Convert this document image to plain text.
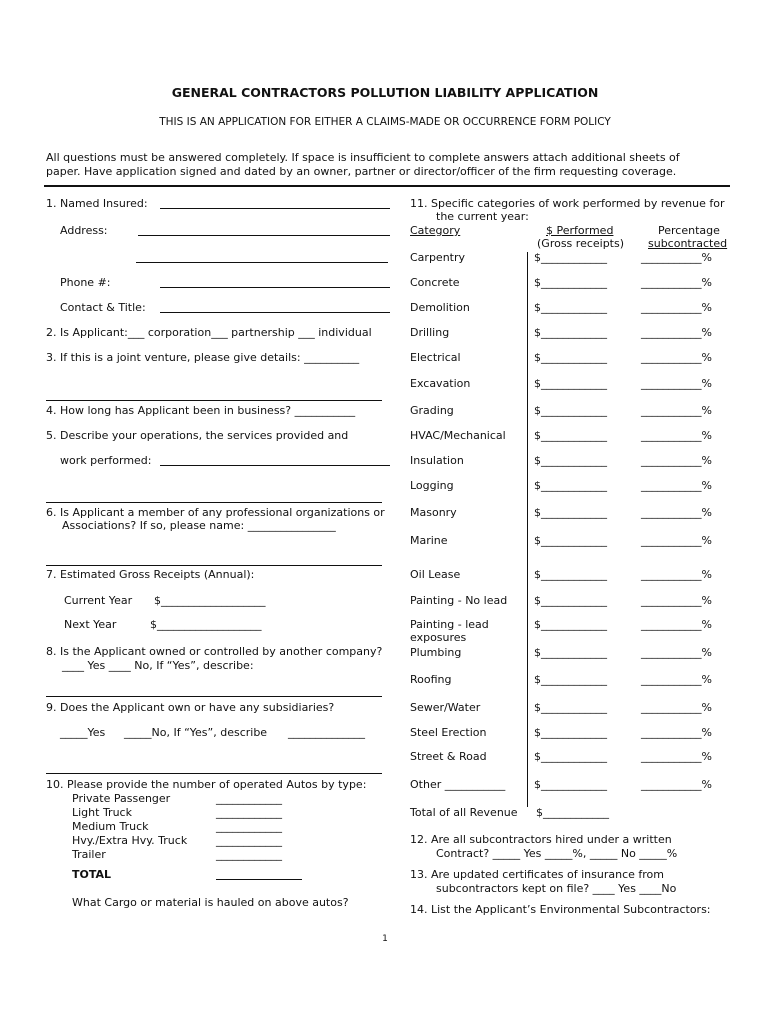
GENERAL CONTRACTORS POLLUTION LIABILITY APPLICATION
THIS IS AN APPLICATION FOR EITHER A CLAIMS-MADE OR OCCURRENCE FORM POLICY
All questions must be answered completely. If space is insufficient to complete answers attach additional sheets of
paper. Have application signed and dated by an owner, partner or director/officer of the firm requesting coverage.
1. Named Insured:
Address:
Phone #:
Contact & Title:
2. Is Applicant:___ corporation___ partnership ___ individual
3. If this is a joint venture, please give details: __________
4. How long has Applicant been in business? ___________
5. Describe your operations, the services provided and
work performed:
6. Is Applicant a member of any professional organizations or
Associations? If so, please name: ________________
7. Estimated Gross Receipts (Annual):
Current Year $___________________
Next Year	$___________________
8. Is the Applicant owned or controlled by another company?
____ Yes ____ No, If “Yes”, describe:
9. Does the Applicant own or have any subsidiaries?
_____Yes _____No, If “Yes”, describe ______________
10. Please provide the number of operated Autos by type:
Private Passenger	____________
Light Truck	____________
Medium Truck	____________
Hvy./Extra Hvy. Truck	____________
Trailer	____________
TOTAL
What Cargo or material is hauled on above autos?
11. Specific categories of work performed by revenue for
the current year:
Category	$ Performed
(Gross receipts)
Percentage
subcontracted
Carpentry	$____________	___________%
Concrete	$____________	___________%
Demolition	$____________	___________%
Drilling	$____________	___________%
Electrical	$____________	___________%
Excavation	$____________	___________%
Grading	$____________	___________%
HVAC/Mechanical	$____________	___________%
Insulation	$____________	___________%
Logging	$____________	___________%
Masonry	$____________	___________%
Marine	$____________	___________%
Oil Lease	$____________	___________%
Painting - No lead $____________	___________%
Painting - lead	$____________	___________%
exposures
Plumbing	$____________	___________%
Roofing	$____________	___________%
Sewer/Water	$____________	___________%
Steel Erection	$____________	___________%
Street & Road	$____________	___________%
Other ___________	$____________	___________%
Total of all Revenue $____________
12. Are all subcontractors hired under a written
Contract? _____ Yes _____%, _____ No _____%
13. Are updated certificates of insurance from
subcontractors kept on file? ____ Yes ____No
14. List the Applicant’s Environmental Subcontractors:
1
